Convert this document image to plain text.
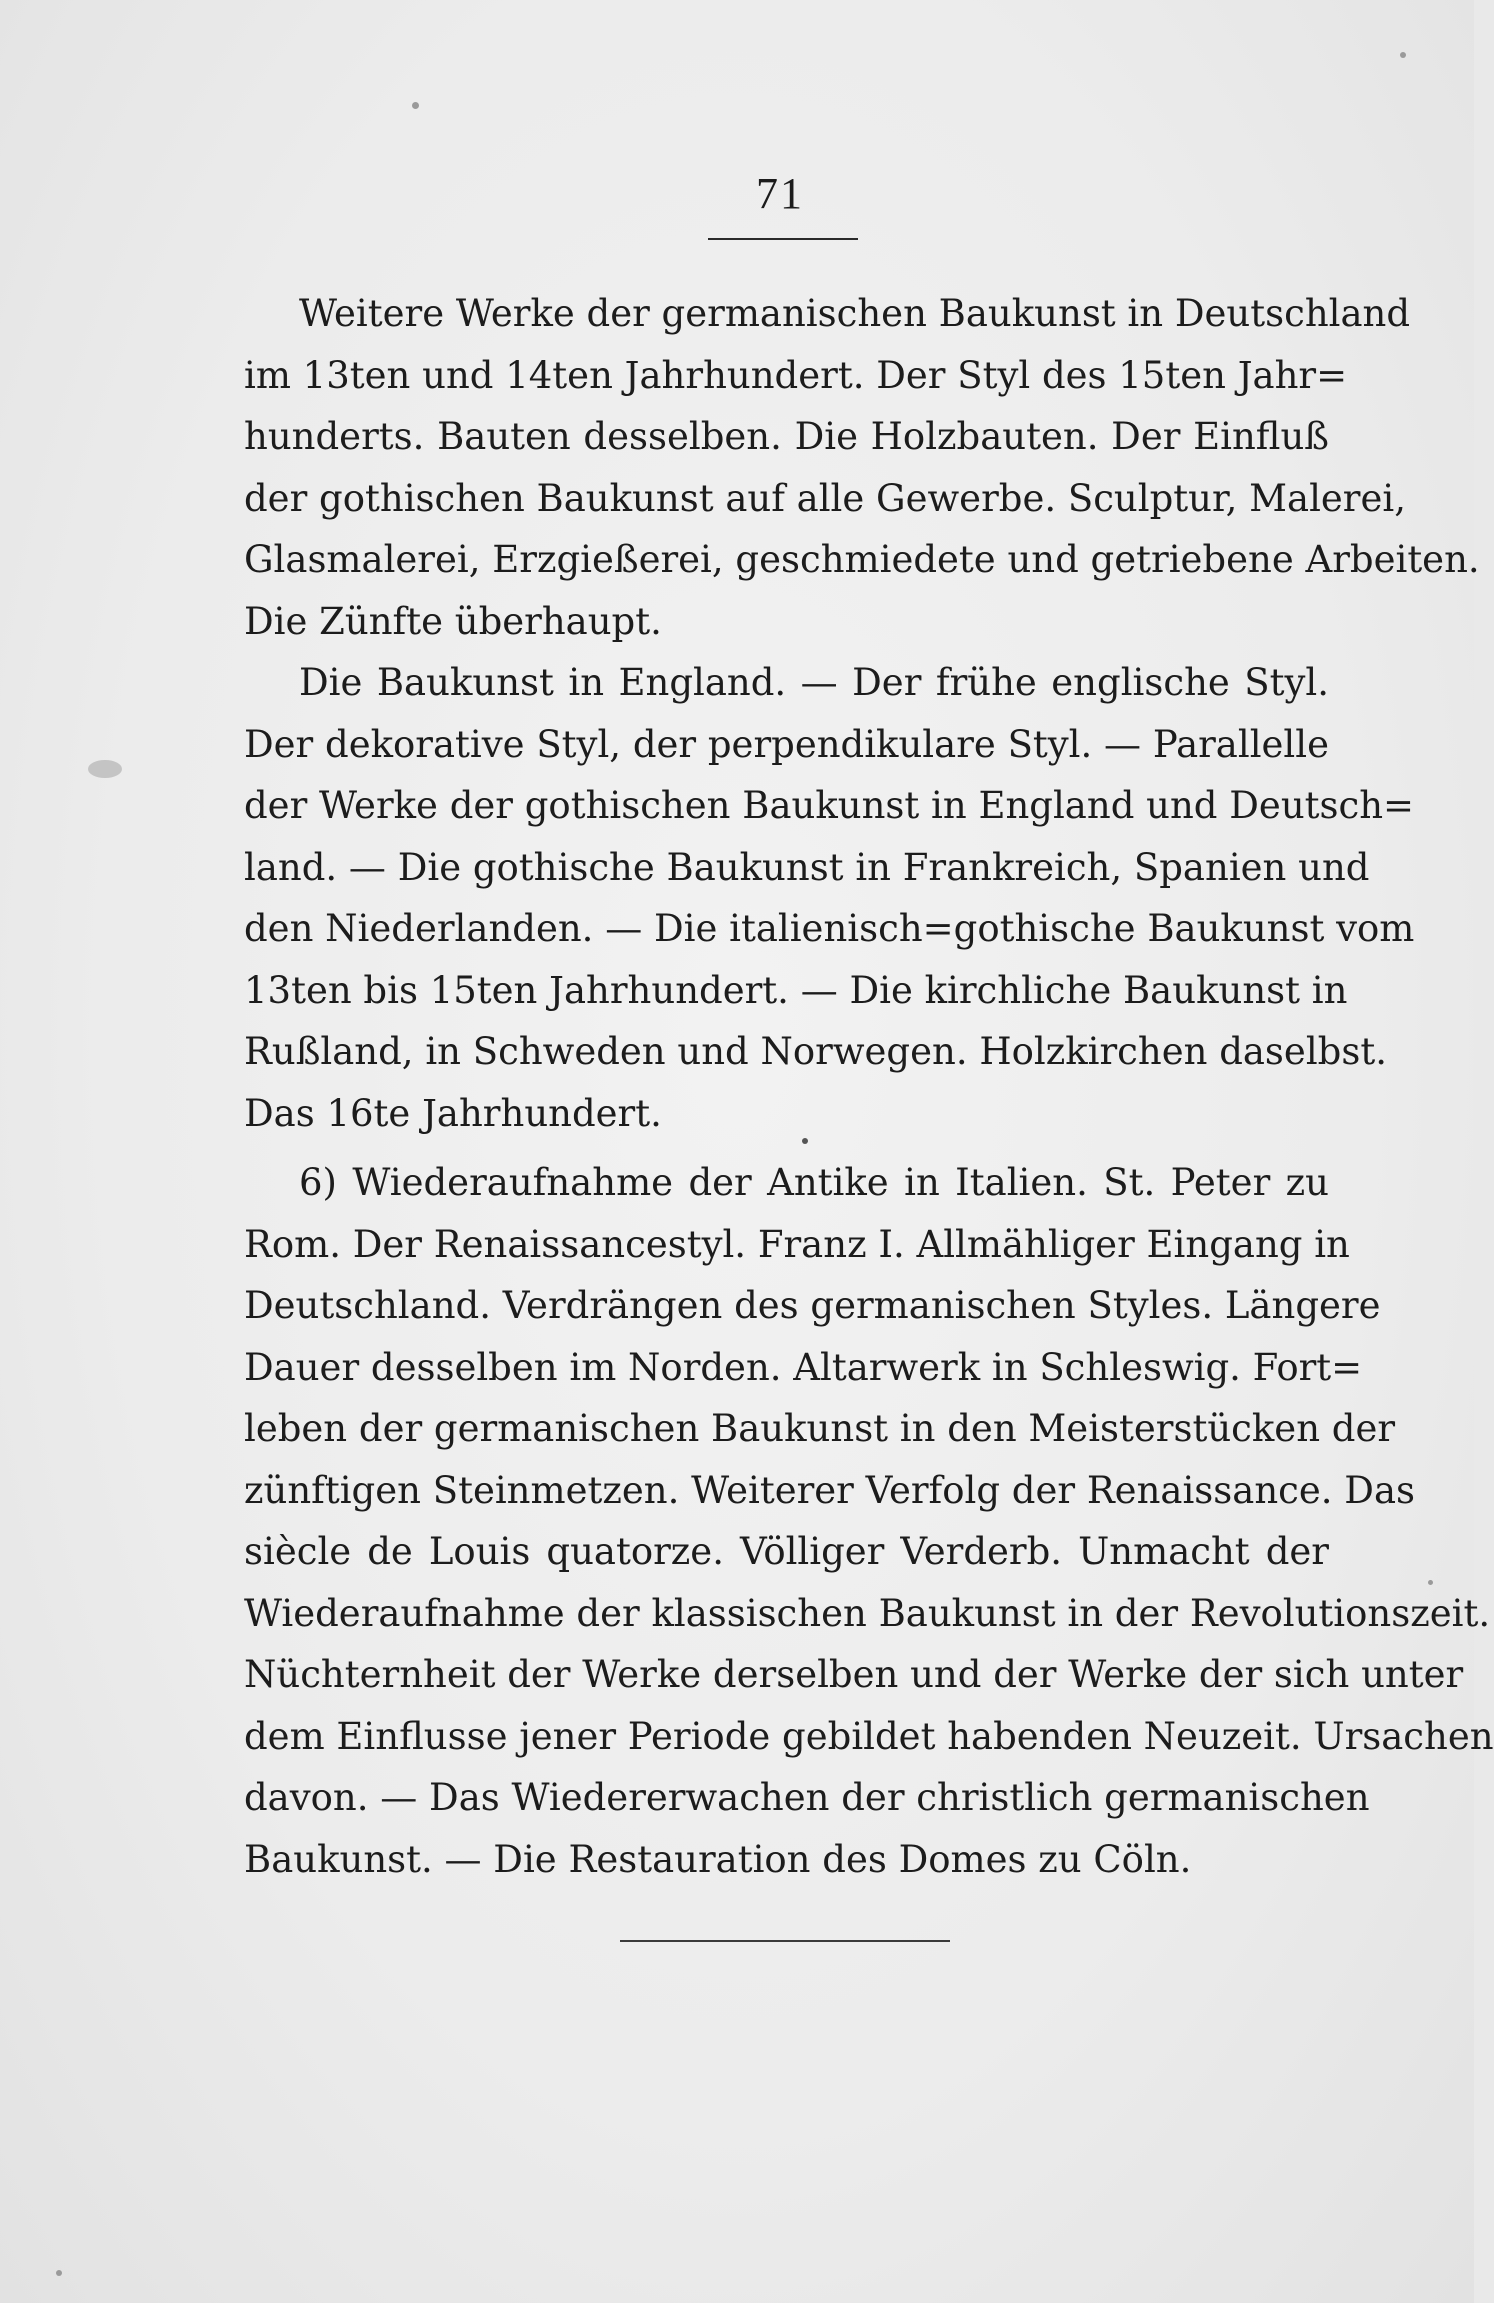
71
Weitere Werke der germanischen Baukunst in Deutschland
im 13ten und 14ten Jahrhundert. Der Styl des 15ten Jahr=
hunderts. Bauten desselben. Die Holzbauten. Der Einfluß
der gothischen Baukunst auf alle Gewerbe. Sculptur, Malerei,
Glasmalerei, Erzgießerei, geschmiedete und getriebene Arbeiten.
Die Zünfte überhaupt.
Die Baukunst in England. — Der frühe englische Styl.
Der dekorative Styl, der perpendikulare Styl. — Parallelle
der Werke der gothischen Baukunst in England und Deutsch=
land. — Die gothische Baukunst in Frankreich, Spanien und
den Niederlanden. — Die italienisch=gothische Baukunst vom
13ten bis 15ten Jahrhundert. — Die kirchliche Baukunst in
Rußland, in Schweden und Norwegen. Holzkirchen daselbst.
Das 16te Jahrhundert.
6) Wiederaufnahme der Antike in Italien. St. Peter zu
Rom. Der Renaissancestyl. Franz I. Allmähliger Eingang in
Deutschland. Verdrängen des germanischen Styles. Längere
Dauer desselben im Norden. Altarwerk in Schleswig. Fort=
leben der germanischen Baukunst in den Meisterstücken der
zünftigen Steinmetzen. Weiterer Verfolg der Renaissance. Das
siècle de Louis quatorze. Völliger Verderb. Unmacht der
Wiederaufnahme der klassischen Baukunst in der Revolutionszeit.
Nüchternheit der Werke derselben und der Werke der sich unter
dem Einflusse jener Periode gebildet habenden Neuzeit. Ursachen
davon. — Das Wiedererwachen der christlich germanischen
Baukunst. — Die Restauration des Domes zu Cöln.
